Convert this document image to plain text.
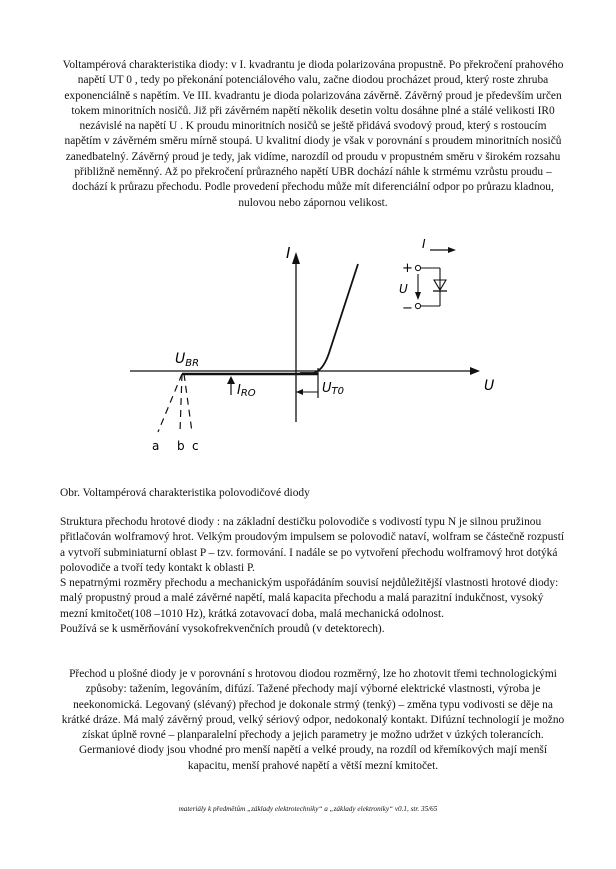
Voltampérová charakteristika diody: v I. kvadrantu je dioda polarizována propustně. Po překročení prahového napětí UT 0 , tedy po překonání potenciálového valu, začne diodou procházet proud, který roste zhruba exponenciálně s napětím. Ve III. kvadrantu je dioda polarizována závěrně. Závěrný proud je především určen tokem minoritních nosičů. Již při závěrném napětí několik desetin voltu dosáhne plné a stálé velikosti IR0 nezávislé na napětí U . K proudu minoritních nosičů se ještě přidává svodový proud, který s rostoucím napětím v závěrném směru mírně stoupá. U kvalitní diody je však v porovnání s proudem minoritních nosičů zanedbatelný. Závěrný proud je tedy, jak vidíme, narozdíl od proudu v propustném směru v širokém rozsahu přibližně neměnný. Až po překročení průrazného napětí UBR dochází náhle k strmému vzrůstu proudu – dochází k průrazu přechodu. Podle provedení přechodu může mít diferenciální odpor po průrazu kladnou, nulovou nebo zápornou velikost.

I
U
$U_{BR}$
IRO	UT0
a b c
I
+
−
U
Obr. Voltampérová charakteristika polovodičové diody

Struktura přechodu hrotové diody : na základní destičku polovodiče s vodivostí typu N je silnou pružinou přitlačován wolframový hrot. Velkým proudovým impulsem se polovodič nataví, wolfram se částečně rozpustí a vytvoří subminiaturní oblast P – tzv. formování. I nadále se po vytvoření přechodu wolframový hrot dotýká polovodiče a tvoří tedy kontakt k oblasti P.

S nepatrnými rozměry přechodu a mechanickým uspořádáním souvisí nejdůležitější vlastnosti hrotové diody: malý propustný proud a malé závěrné napětí, malá kapacita přechodu a malá parazitní indukčnost, vysoký mezní kmitočet(108 –1010 Hz), krátká zotavovací doba, malá mechanická odolnost.

Používá se k usměrňování vysokofrekvenčních proudů (v detektorech).

Přechod u plošné diody je v porovnání s hrotovou diodou rozměrný, lze ho zhotovit třemi technologickými způsoby: tažením, legováním, difúzí. Tažené přechody mají výborné elektrické vlastnosti, výroba je neekonomická. Legovaný (slévaný) přechod je dokonale strmý (tenký) – změna typu vodivosti se děje na krátké dráze. Má malý závěrný proud, velký sériový odpor, nedokonalý kontakt. Difúzní technologií je možno získat úplně rovné – planparalelní přechody a jejich parametry je možno udržet v úzkých tolerancích. Germaniové diody jsou vhodné pro menší napětí a velké proudy, na rozdíl od křemíkových mají menší kapacitu, menší prahové napětí a větší mezní kmitočet.

materiály k předmětům „základy elektrotechniky“ a „základy elektroniky“ v0.1, str. 35/65
